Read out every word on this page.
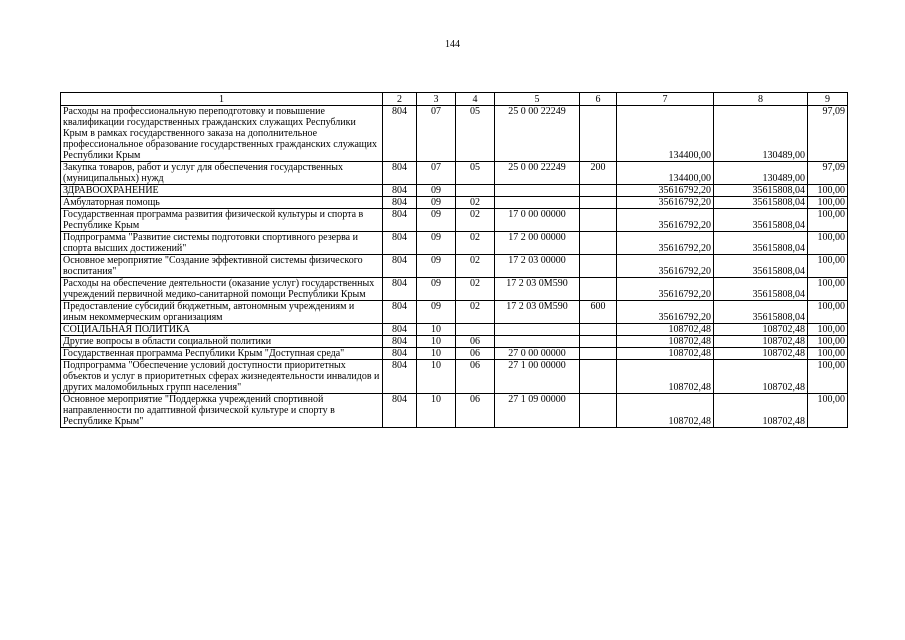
144
1	2	3	4	5	6	7	8	9
Расходы на профессиональную переподготовку и повышение квалификации государственных гражданских служащих Республики Крым в рамках государственного заказа на дополнительное профессиональное образование государственных гражданских служащих Республики Крым	804	07	05	25 0 00 22249		134400,00	130489,00	97,09
Закупка товаров, работ и услуг для обеспечения государственных (муниципальных) нужд	804	07	05	25 0 00 22249	200	134400,00	130489,00	97,09
ЗДРАВООХРАНЕНИЕ	804	09				35616792,20	35615808,04	100,00
Амбулаторная помощь	804	09	02			35616792,20	35615808,04	100,00
Государственная программа развития физической культуры и спорта в Республике Крым	804	09	02	17 0 00 00000		35616792,20	35615808,04	100,00
Подпрограмма "Развитие системы подготовки спортивного резерва и спорта высших достижений"	804	09	02	17 2 00 00000		35616792,20	35615808,04	100,00
Основное мероприятие "Создание эффективной системы физического воспитания"	804	09	02	17 2 03 00000		35616792,20	35615808,04	100,00
Расходы на обеспечение деятельности (оказание услуг) государственных учреждений первичной медико-санитарной помощи Республики Крым	804	09	02	17 2 03 0М590		35616792,20	35615808,04	100,00
Предоставление субсидий бюджетным, автономным учреждениям и иным некоммерческим организациям	804	09	02	17 2 03 0М590	600	35616792,20	35615808,04	100,00
СОЦИАЛЬНАЯ ПОЛИТИКА	804	10				108702,48	108702,48	100,00
Другие вопросы в области социальной политики	804	10	06			108702,48	108702,48	100,00
Государственная программа Республики Крым "Доступная среда"	804	10	06	27 0 00 00000		108702,48	108702,48	100,00
Подпрограмма "Обеспечение условий доступности приоритетных объектов и услуг в приоритетных сферах жизнедеятельности инвалидов и других маломобильных групп населения"	804	10	06	27 1 00 00000		108702,48	108702,48	100,00
Основное мероприятие "Поддержка учреждений спортивной направленности по адаптивной физической культуре и спорту в Республике Крым"	804	10	06	27 1 09 00000		108702,48	108702,48	100,00
